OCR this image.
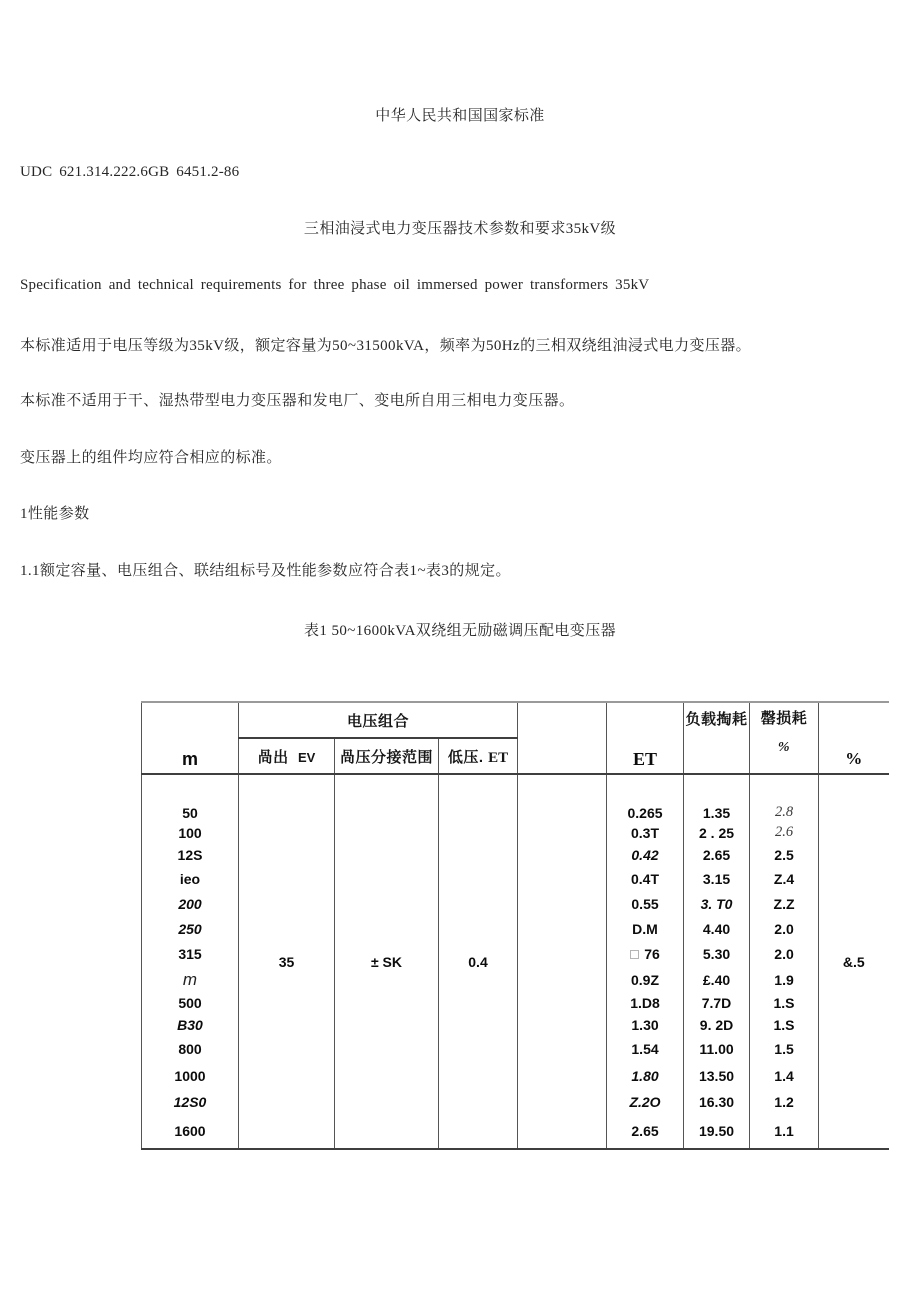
中华人民共和国国家标准
UDC 621.314.222.6GB 6451.2-86
三相油浸式电力变压器技术参数和要求35kV级
Specification and technical requirements for three phase oil immersed power transformers 35kV
本标准适用于电压等级为35kV级，额定容量为50~31500kVA，频率为50Hz的三相双绕组油浸式电力变压器。
本标准不适用于干、湿热带型电力变压器和发电厂、变电所自用三相电力变压器。
变压器上的组件均应符合相应的标准。
1性能参数
1.1额定容量、电压组合、联结组标号及性能参数应符合表1~表3的规定。
表1 50~1600kVA双绕组无励磁调压配电变压器
m	电压组合				ET	负载掏耗	罄损耗
%	%
	咼出 EV	咼压分接范围	低压. ET					
50	35	± SK	0.4		0.265	1.35	2.8	&.5
100					0.3T	2 . 25	2.6	
12S					0.42	2.65	2.5	
ieo					0.4T	3.15	Z.4	
200					0.55	3. T0	Z.Z	
250					D.M	4.40	2.0	
315					76	5.30	2.0	
m					0.9Z	£.40	1.9	
500					1.D8	7.7D	1.S	
B30					1.30	9. 2D	1.S	
800					1.54	11.00	1.5	
1000					1.80	13.50	1.4	
12S0					Z.2O	16.30	1.2	
1600					2.65	19.50	1.1	
